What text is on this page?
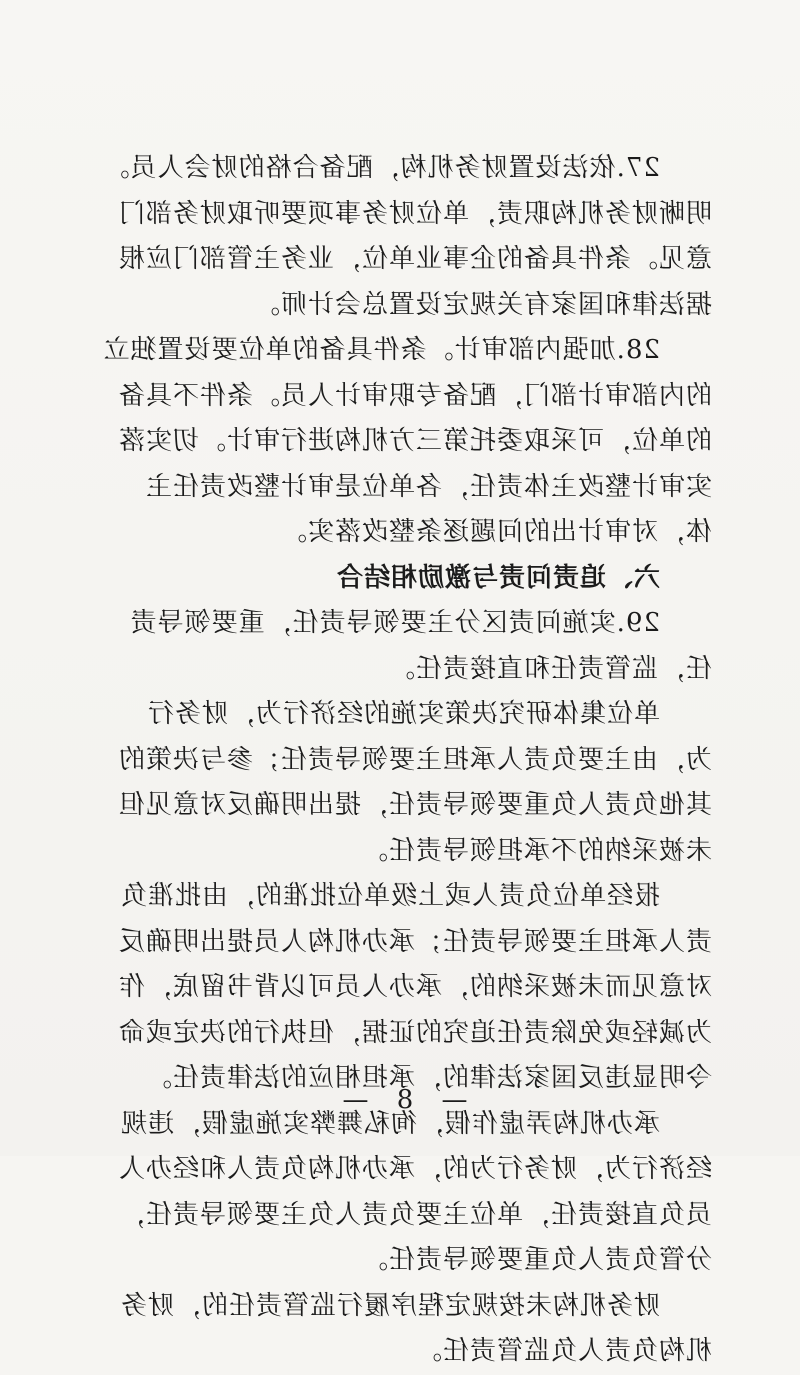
27.依法设置财务机构，配备合格的财会人员。明晰财务机构职责，单位财务事项要听取财务部门意见。条件具备的企事业单位，业务主管部门应根据法律和国家有关规定设置总会计师。

28.加强内部审计。条件具备的单位要设置独立的内部审计部门，配备专职审计人员。条件不具备的单位，可采取委托第三方机构进行审计。切实落实审计整改主体责任，各单位是审计整改责任主体，对审计出的问题逐条整改落实。

六、追责问责与激励相结合

29.实施问责区分主要领导责任，重要领导责任，监管责任和直接责任。

单位集体研究决策实施的经济行为，财务行为，由主要负责人承担主要领导责任；参与决策的其他负责人负重要领导责任，提出明确反对意见但未被采纳的不承担领导责任。

报经单位负责人或上级单位批准的，由批准负责人承担主要领导责任；承办机构人员提出明确反对意见而未被采纳的，承办人员可以背书留底，作为减轻或免除责任追究的证据，但执行的决定或命令明显违反国家法律的，承担相应的法律责任。

承办机构弄虚作假，徇私舞弊实施虚假，违规经济行为，财务行为的，承办机构负责人和经办人员负直接责任，单位主要负责人负主要领导责任，分管负责人负重要领导责任。

财务机构未按规定程序履行监管责任的，财务机构负责人负监管责任。

— 8 —
